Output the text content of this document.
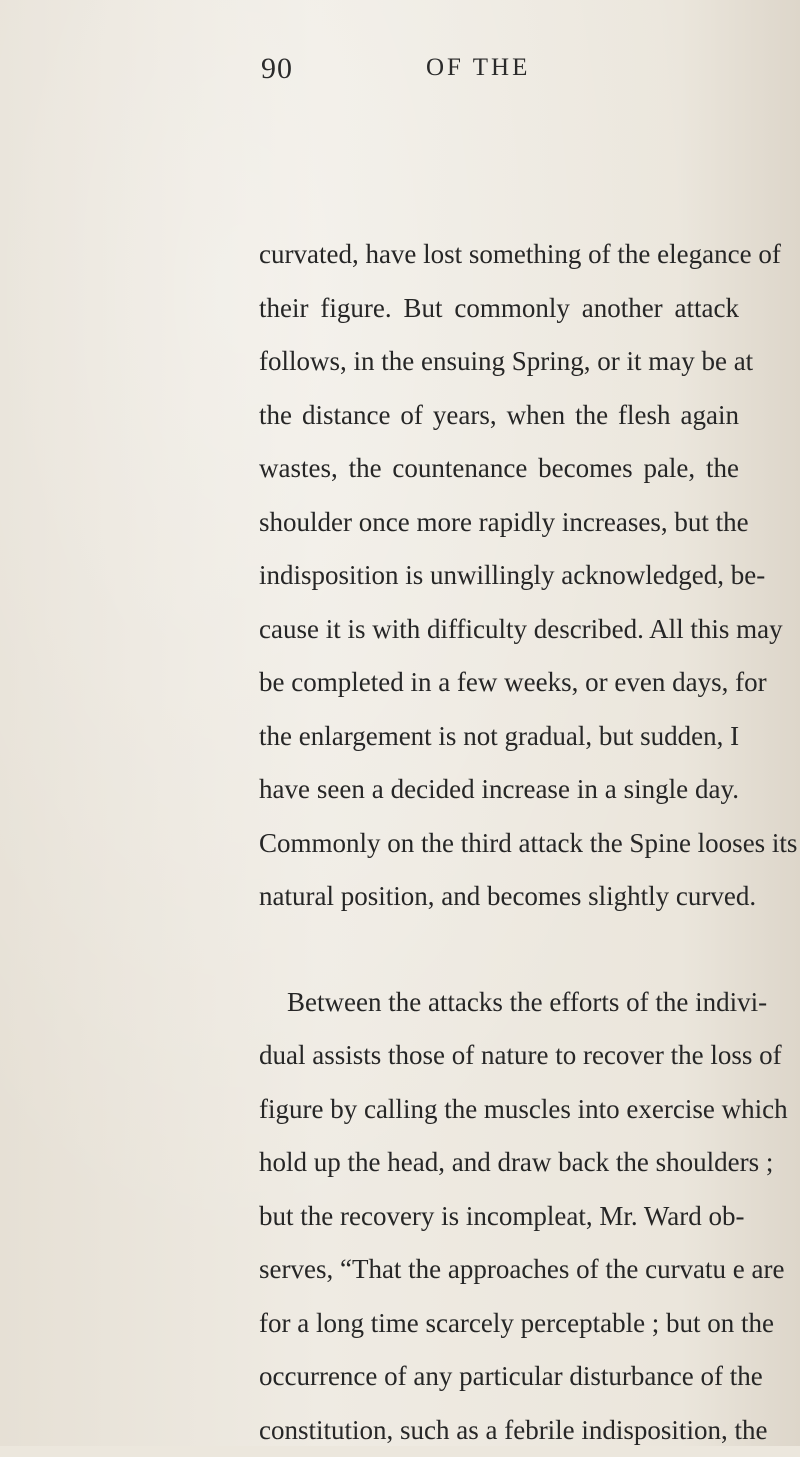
90	OF THE
curvated, have lost something of the elegance of
their figure. But commonly another attack
follows, in the ensuing Spring, or it may be at
the distance of years, when the flesh again
wastes, the countenance becomes pale, the
shoulder once more rapidly increases, but the
indisposition is unwillingly acknowledged, be-
cause it is with difficulty described. All this may
be completed in a few weeks, or even days, for
the enlargement is not gradual, but sudden, I
have seen a decided increase in a single day.
Commonly on the third attack the Spine looses its
natural position, and becomes slightly curved.
Between the attacks the efforts of the indivi-
dual assists those of nature to recover the loss of
figure by calling the muscles into exercise which
hold up the head, and draw back the shoulders ;
but the recovery is incompleat, Mr. Ward ob-
serves, “That the approaches of the curvatu e are
for a long time scarcely perceptable ; but on the
occurrence of any particular disturbance of the
constitution, such as a febrile indisposition, the
